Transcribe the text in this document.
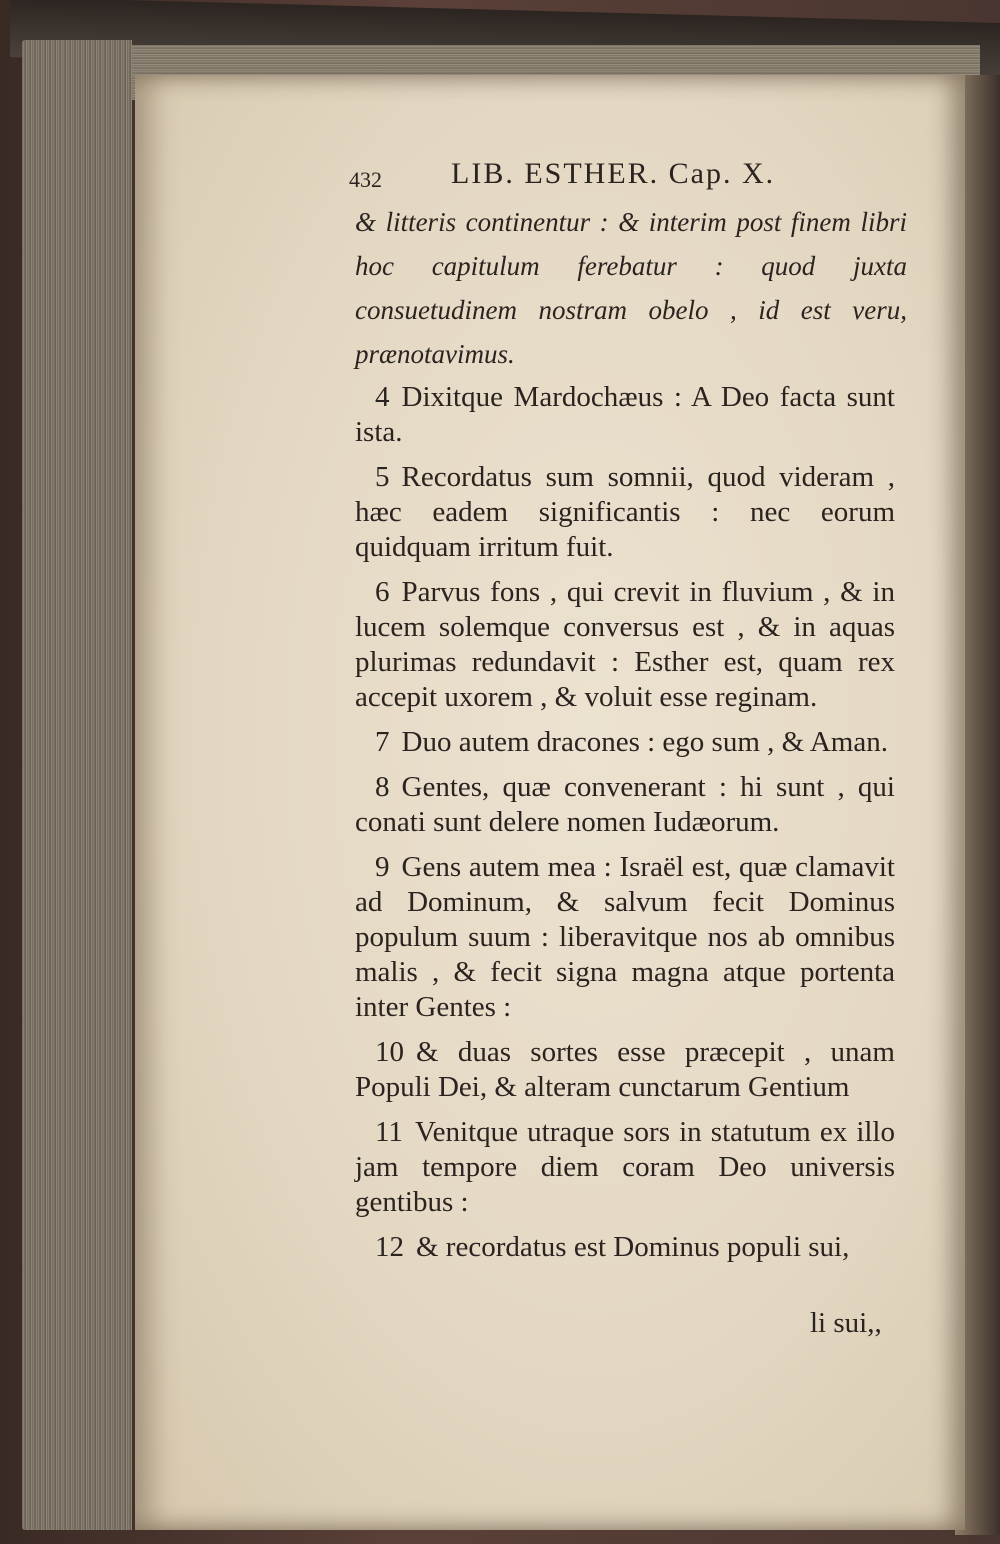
432 LIB. ESTHER. Cap. X.
& litteris continentur : & interim post finem libri hoc capitulum ferebatur : quod juxta consuetudinem nostram obelo , id est veru, prænotavimus.

4 Dixitque Mardochæus : A Deo facta sunt ista.

5 Recordatus sum somnii, quod videram , hæc eadem significantis : nec eorum quidquam irritum fuit.

6 Parvus fons , qui crevit in fluvium , & in lucem solemque conversus est , & in aquas plurimas redundavit : Esther est, quam rex accepit uxorem , & voluit esse reginam.

7 Duo autem dracones : ego sum , & Aman.

8 Gentes, quæ convenerant : hi sunt , qui conati sunt delere nomen Iudæorum.

9 Gens autem mea : Israël est, quæ clamavit ad Dominum, & salvum fecit Dominus populum suum : liberavitque nos ab omnibus malis , & fecit signa magna atque portenta inter Gentes :

10 & duas sortes esse præcepit , unam Populi Dei, & alteram cunctarum Gentium

11 Venitque utraque sors in statutum ex illo jam tempore diem coram Deo universis gentibus :

12 & recordatus est Dominus populi sui,

li sui,,
